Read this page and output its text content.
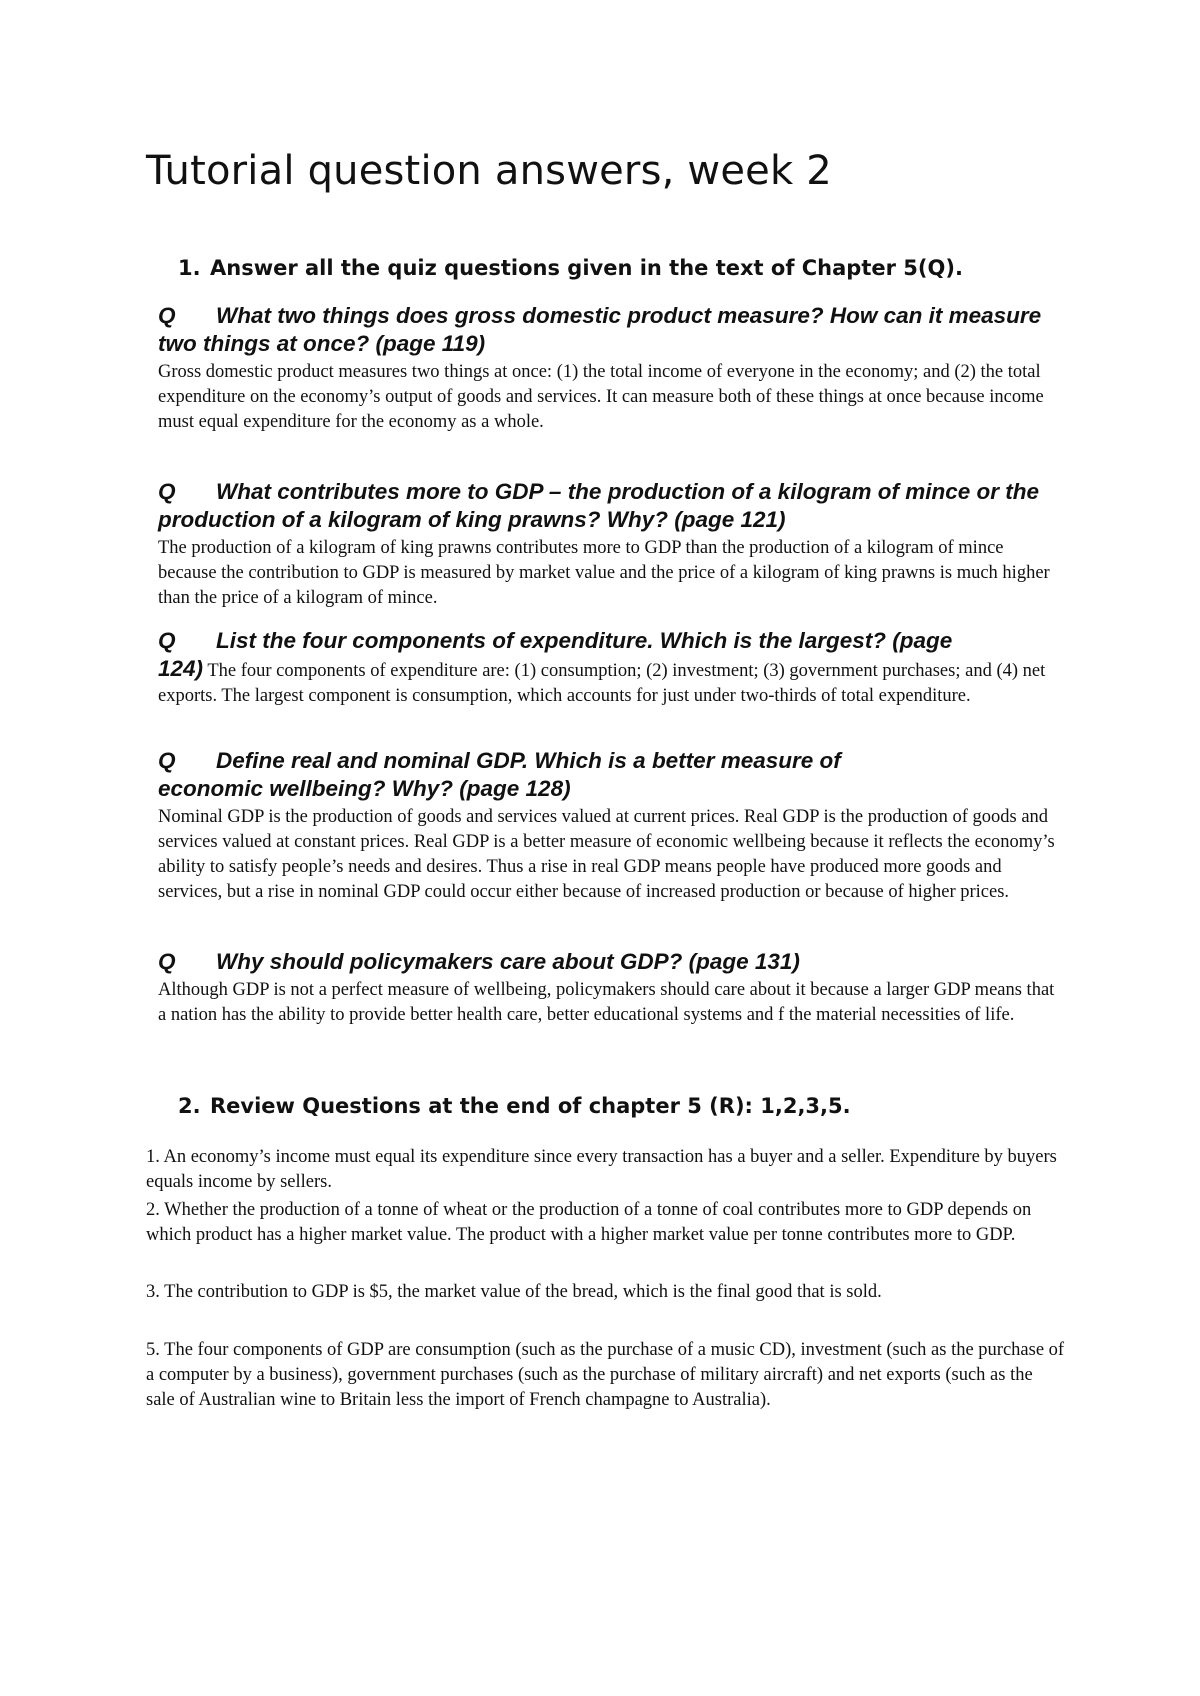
Tutorial question answers, week 2
1. Answer all the quiz questions given in the text of Chapter 5(Q).

Q What two things does gross domestic product measure? How can it measure two things at once? (page 119)

Gross domestic product measures two things at once: (1) the total income of everyone in the economy; and (2) the total expenditure on the economy’s output of goods and services. It can measure both of these things at once because income must equal expenditure for the economy as a whole.

Q What contributes more to GDP – the production of a kilogram of mince or the production of a kilogram of king prawns? Why? (page 121)

The production of a kilogram of king prawns contributes more to GDP than the production of a kilogram of mince because the contribution to GDP is measured by market value and the price of a kilogram of king prawns is much higher than the price of a kilogram of mince.

Q List the four components of expenditure. Which is the largest? (page

124) The four components of expenditure are: (1) consumption; (2) investment; (3) government purchases; and (4) net exports. The largest component is consumption, which accounts for just under two-thirds of total expenditure.

Q Define real and nominal GDP. Which is a better measure of economic wellbeing? Why? (page 128)

Nominal GDP is the production of goods and services valued at current prices. Real GDP is the production of goods and services valued at constant prices. Real GDP is a better measure of economic wellbeing because it reflects the economy’s ability to satisfy people’s needs and desires. Thus a rise in real GDP means people have produced more goods and services, but a rise in nominal GDP could occur either because of increased production or because of higher prices.

Q Why should policymakers care about GDP? (page 131)

Although GDP is not a perfect measure of wellbeing, policymakers should care about it because a larger GDP means that a nation has the ability to provide better health care, better educational systems and f the material necessities of life.

2. Review Questions at the end of chapter 5 (R): 1,2,3,5.

1. An economy’s income must equal its expenditure since every transaction has a buyer and a seller. Expenditure by buyers equals income by sellers.

2. Whether the production of a tonne of wheat or the production of a tonne of coal contributes more to GDP depends on which product has a higher market value. The product with a higher market value per tonne contributes more to GDP.

3. The contribution to GDP is $5, the market value of the bread, which is the final good that is sold.

5. The four components of GDP are consumption (such as the purchase of a music CD), investment (such as the purchase of a computer by a business), government purchases (such as the purchase of military aircraft) and net exports (such as the sale of Australian wine to Britain less the import of French champagne to Australia).
